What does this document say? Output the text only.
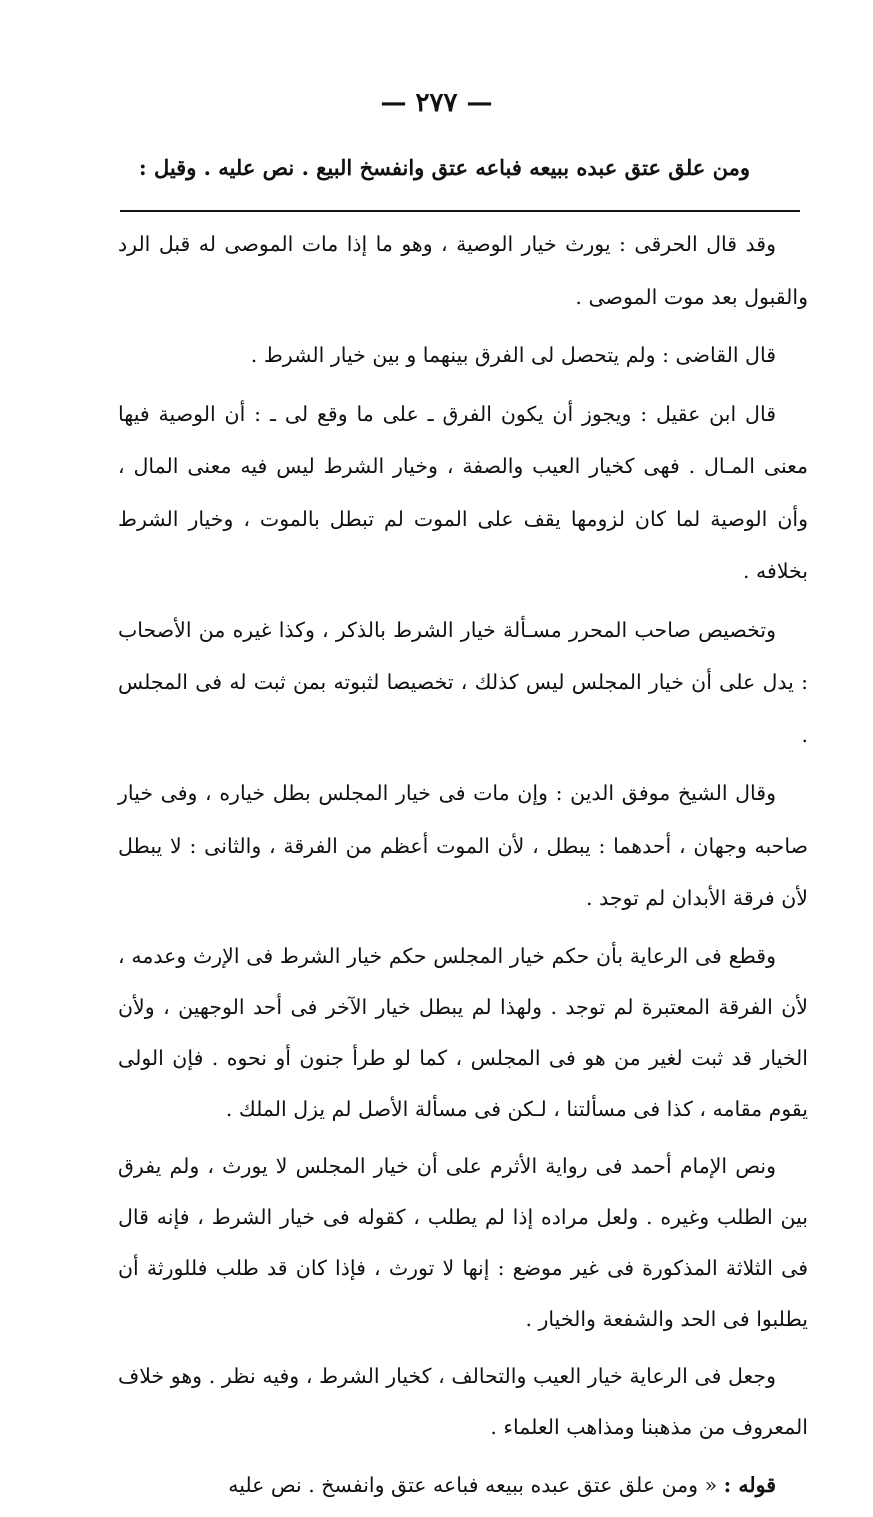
— ٢٧٧ —
ومن علق عتق عبده ببيعه فباعه عتق وانفسخ البيع . نص عليه . وقيل :

وقد قال الحرقى : يورث خيار الوصية ، وهو ما إذا مات الموصى له قبل الرد والقبول بعد موت الموصى .

قال القاضى : ولم يتحصل لى الفرق بينهما و بين خيار الشرط .

قال ابن عقيل : ويجوز أن يكون الفرق ـ على ما وقع لى ـ : أن الوصية فيها معنى المـال . فهى كخيار العيب والصفة ، وخيار الشرط ليس فيه معنى المال ، وأن الوصية لما كان لزومها يقف على الموت لم تبطل بالموت ، وخيار الشرط بخلافه .

وتخصيص صاحب المحرر مسـألة خيار الشرط بالذكر ، وكذا غيره من الأصحاب : يدل على أن خيار المجلس ليس كذلك ، تخصيصا لثبوته بمن ثبت له فى المجلس .

وقال الشيخ موفق الدين : وإن مات فى خيار المجلس بطل خياره ، وفى خيار صاحبه وجهان ، أحدهما : يبطل ، لأن الموت أعظم من الفرقة ، والثانى : لا يبطل لأن فرقة الأبدان لم توجد .

وقطع فى الرعاية بأن حكم خيار المجلس حكم خيار الشرط فى الإرث وعدمه ، لأن الفرقة المعتبرة لم توجد . ولهذا لم يبطل خيار الآخر فى أحد الوجهين ، ولأن الخيار قد ثبت لغير من هو فى المجلس ، كما لو طرأ جنون أو نحوه . فإن الولى يقوم مقامه ، كذا فى مسألتنا ، لـكن فى مسألة الأصل لم يزل الملك .

ونص الإمام أحمد فى رواية الأثرم على أن خيار المجلس لا يورث ، ولم يفرق بين الطلب وغيره . ولعل مراده إذا لم يطلب ، كقوله فى خيار الشرط ، فإنه قال فى الثلاثة المذكورة فى غير موضع : إنها لا تورث ، فإذا كان قد طلب فللورثة أن يطلبوا فى الحد والشفعة والخيار .

وجعل فى الرعاية خيار العيب والتحالف ، كخيار الشرط ، وفيه نظر . وهو خلاف المعروف من مذهبنا ومذاهب العلماء .

قوله : « ومن علق عتق عبده ببيعه فباعه عتق وانفسخ . نص عليه
